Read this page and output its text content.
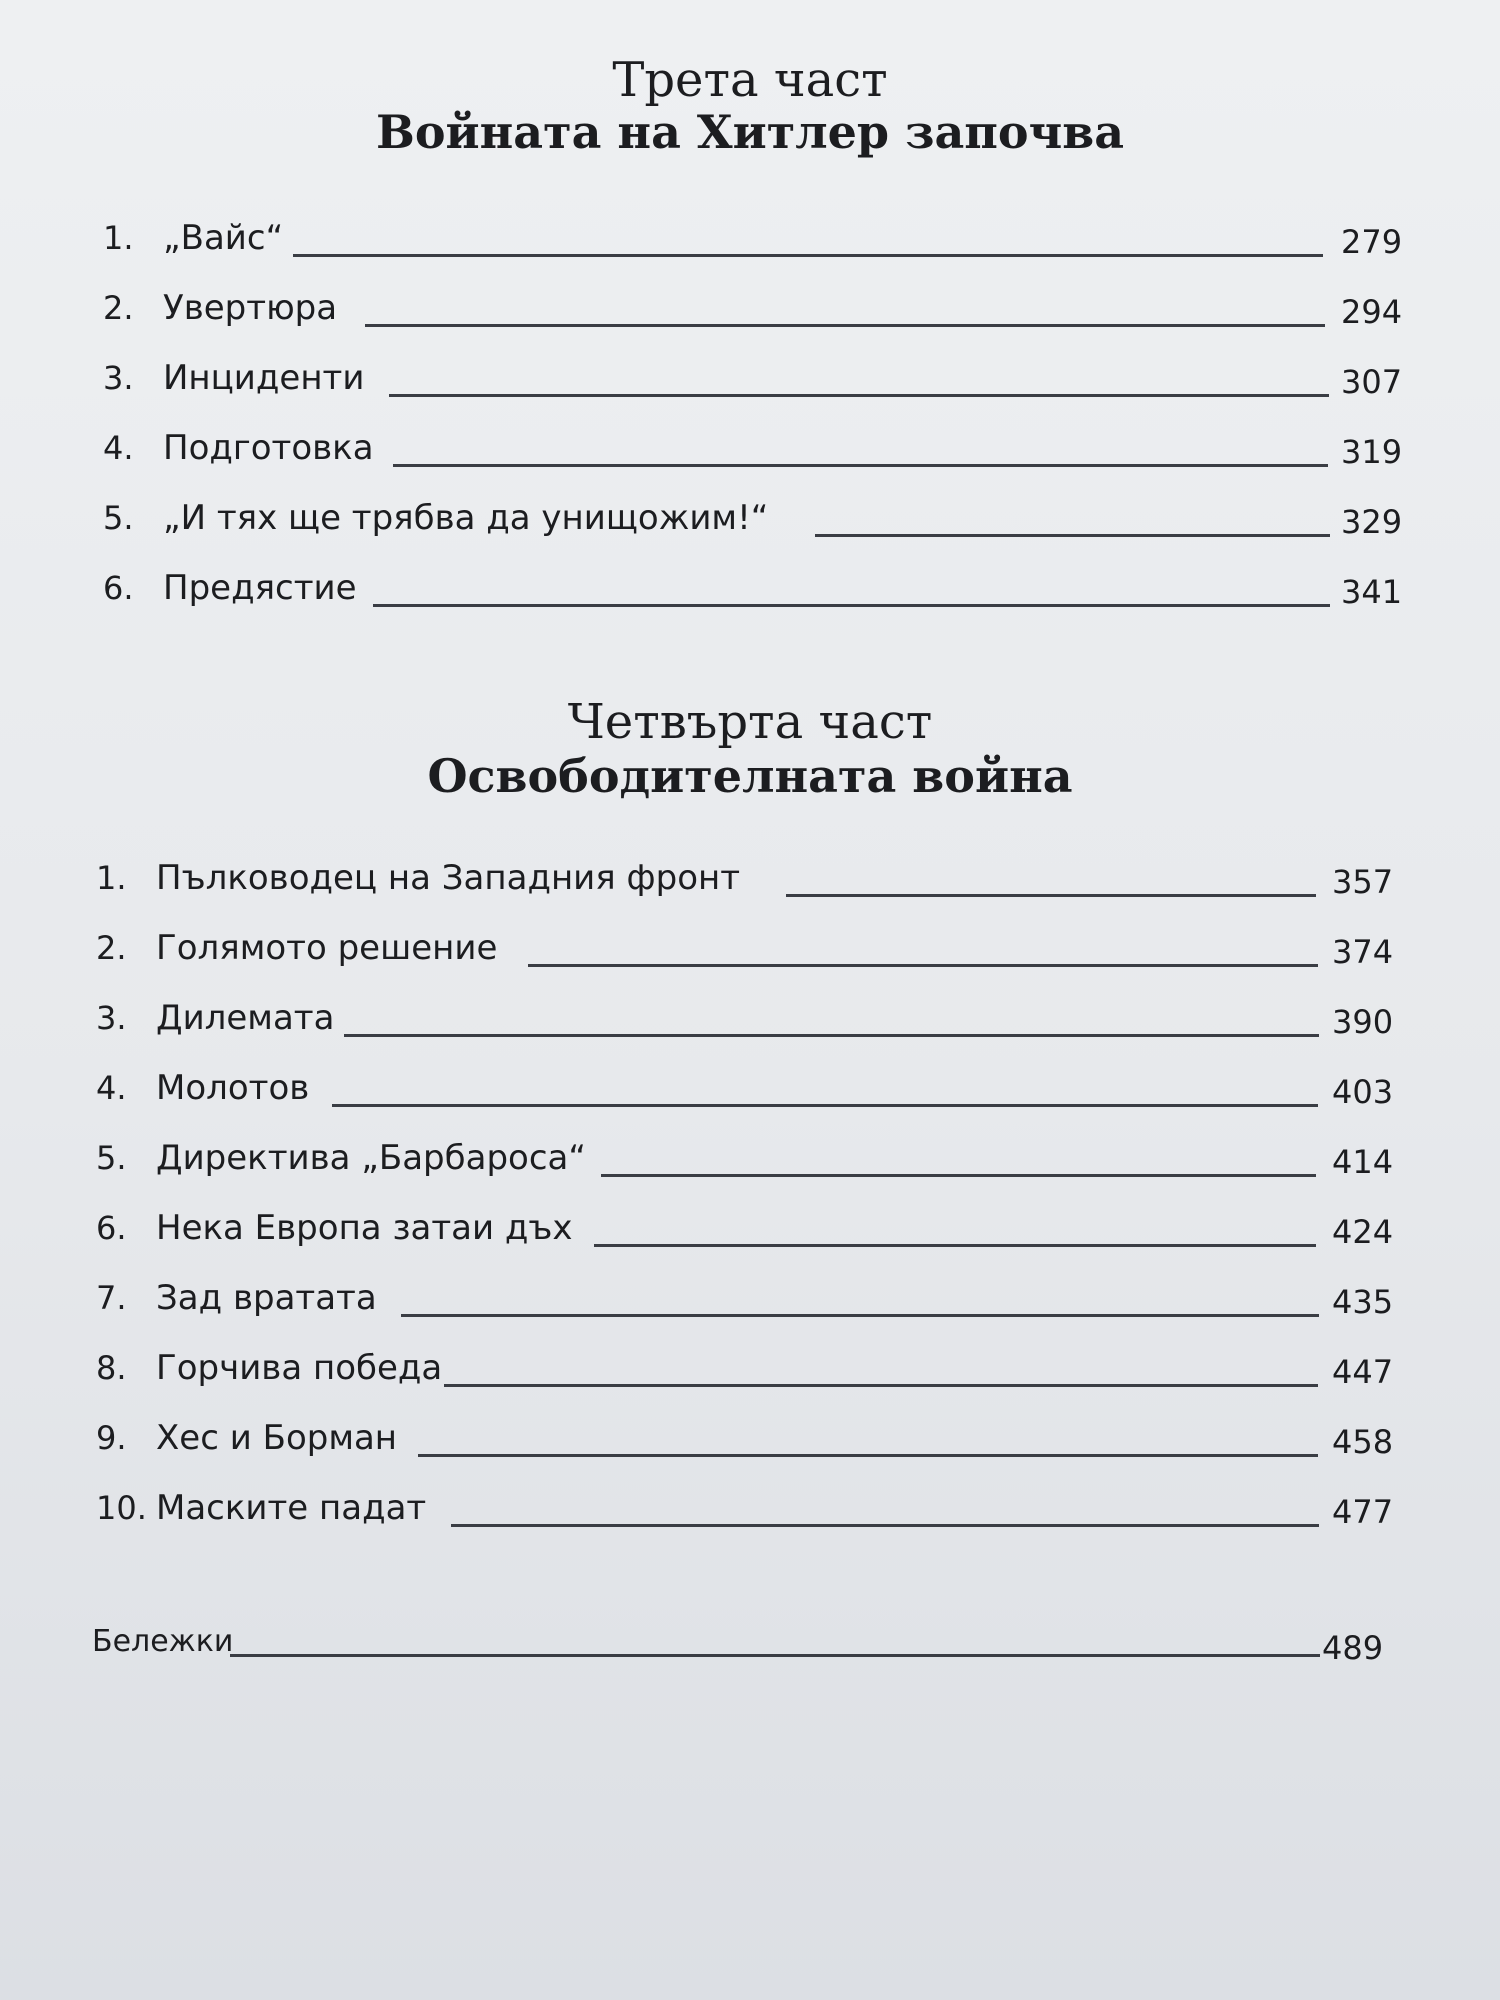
Трета част
Войната на Хитлер започва
1. „Вайс“	279
2. Увертюра	294
3. Инциденти	307
4. Подготовка	319
5. „И тях ще трябва да унищожим!“	329
6. Предястие	341
Четвърта част
Освободителната война
1. Пълководец на Западния фронт	357
2. Голямото решение	374
3. Дилемата	390
4. Молотов	403
5. Директива „Барбароса“	414
6. Нека Европа затаи дъх	424
7. Зад вратата	435
8. Горчива победа	447
9. Хес и Борман	458
10. Маските падат	477
Бележки	489
